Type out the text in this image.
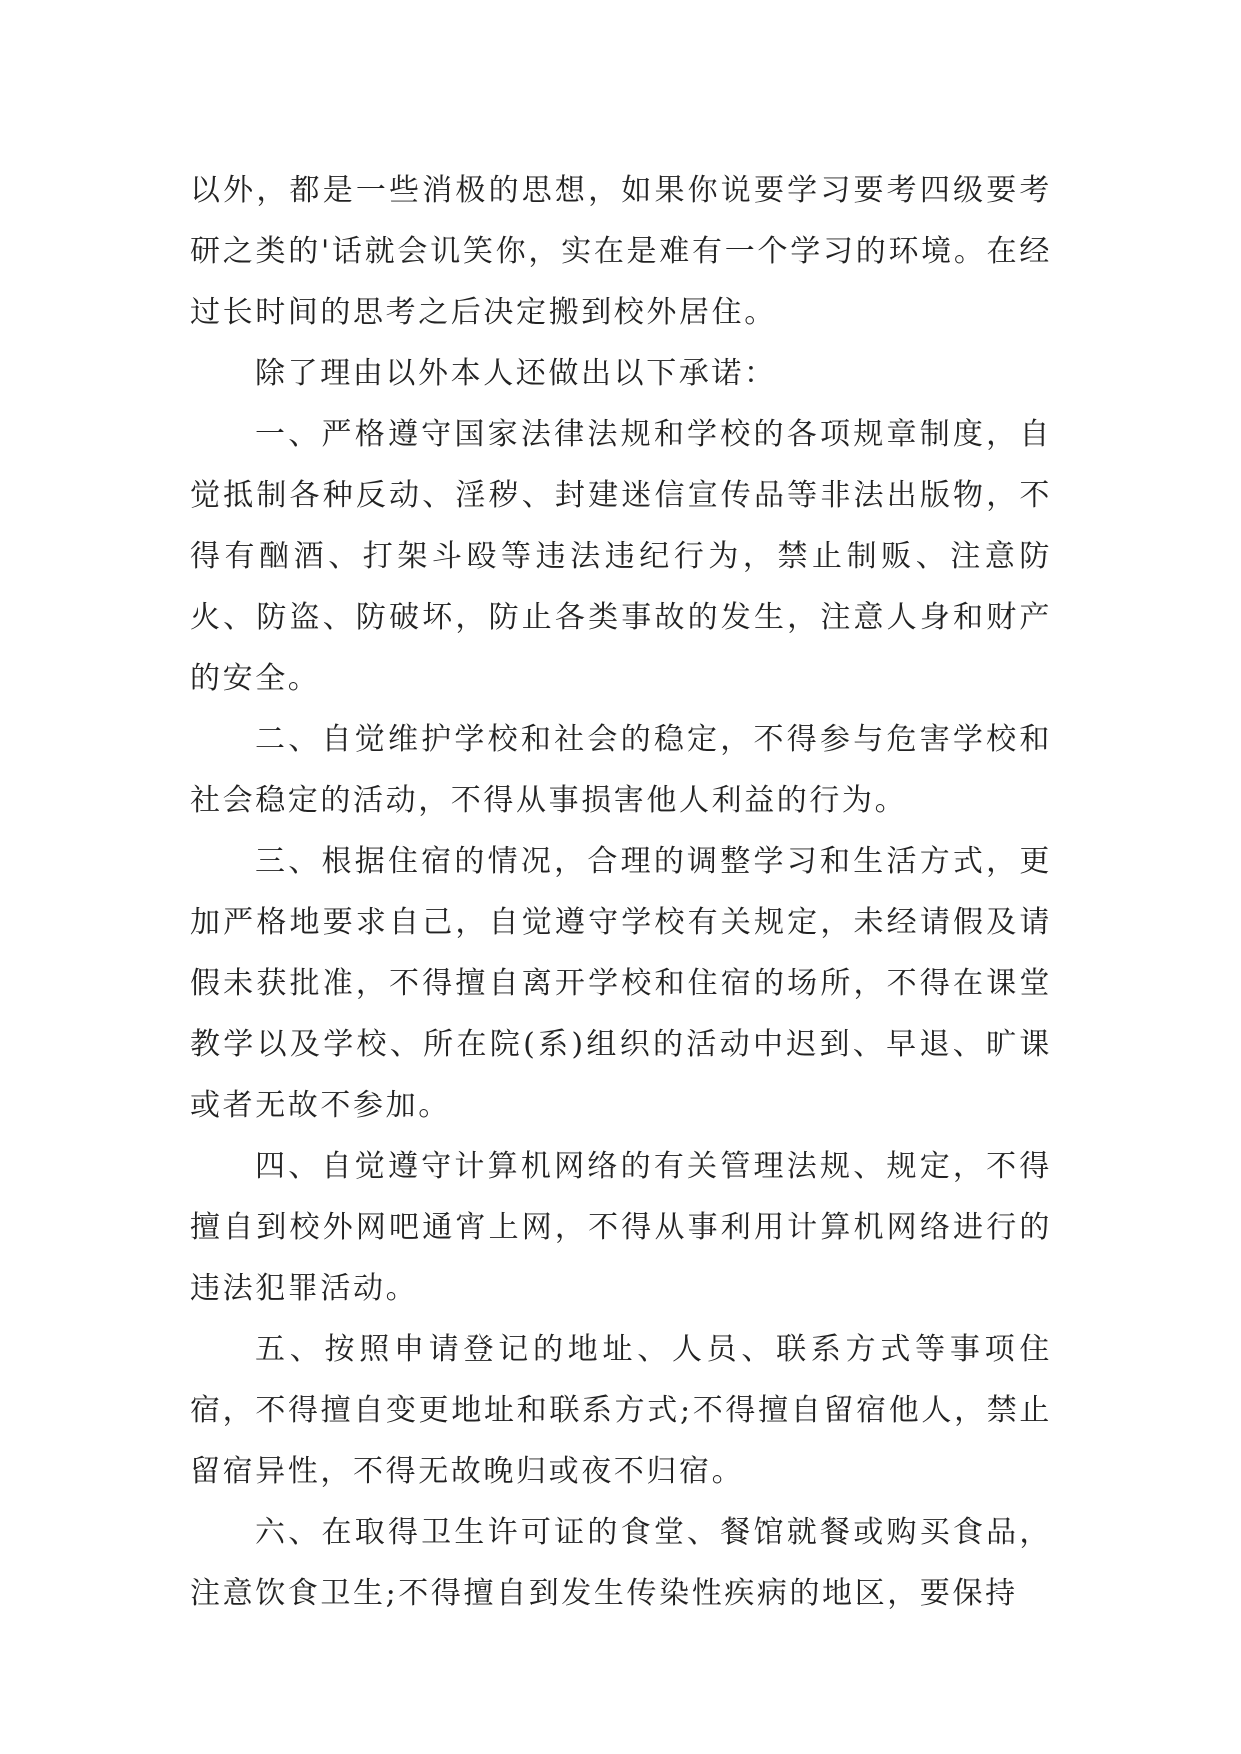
以外，都是一些消极的思想，如果你说要学习要考四级要考研之类的'话就会讥笑你，实在是难有一个学习的环境。在经过长时间的思考之后决定搬到校外居住。

除了理由以外本人还做出以下承诺：

一、严格遵守国家法律法规和学校的各项规章制度，自觉抵制各种反动、淫秽、封建迷信宣传品等非法出版物，不得有酗酒、打架斗殴等违法违纪行为，禁止制贩、注意防火、防盗、防破坏，防止各类事故的发生，注意人身和财产的安全。

二、自觉维护学校和社会的稳定，不得参与危害学校和社会稳定的活动，不得从事损害他人利益的行为。

三、根据住宿的情况，合理的调整学习和生活方式，更加严格地要求自己，自觉遵守学校有关规定，未经请假及请假未获批准，不得擅自离开学校和住宿的场所，不得在课堂教学以及学校、所在院(系)组织的活动中迟到、早退、旷课或者无故不参加。

四、自觉遵守计算机网络的有关管理法规、规定，不得擅自到校外网吧通宵上网，不得从事利用计算机网络进行的违法犯罪活动。

五、按照申请登记的地址、人员、联系方式等事项住宿，不得擅自变更地址和联系方式;不得擅自留宿他人，禁止留宿异性，不得无故晚归或夜不归宿。

六、在取得卫生许可证的食堂、餐馆就餐或购买食品，注意饮食卫生;不得擅自到发生传染性疾病的地区，要保持
